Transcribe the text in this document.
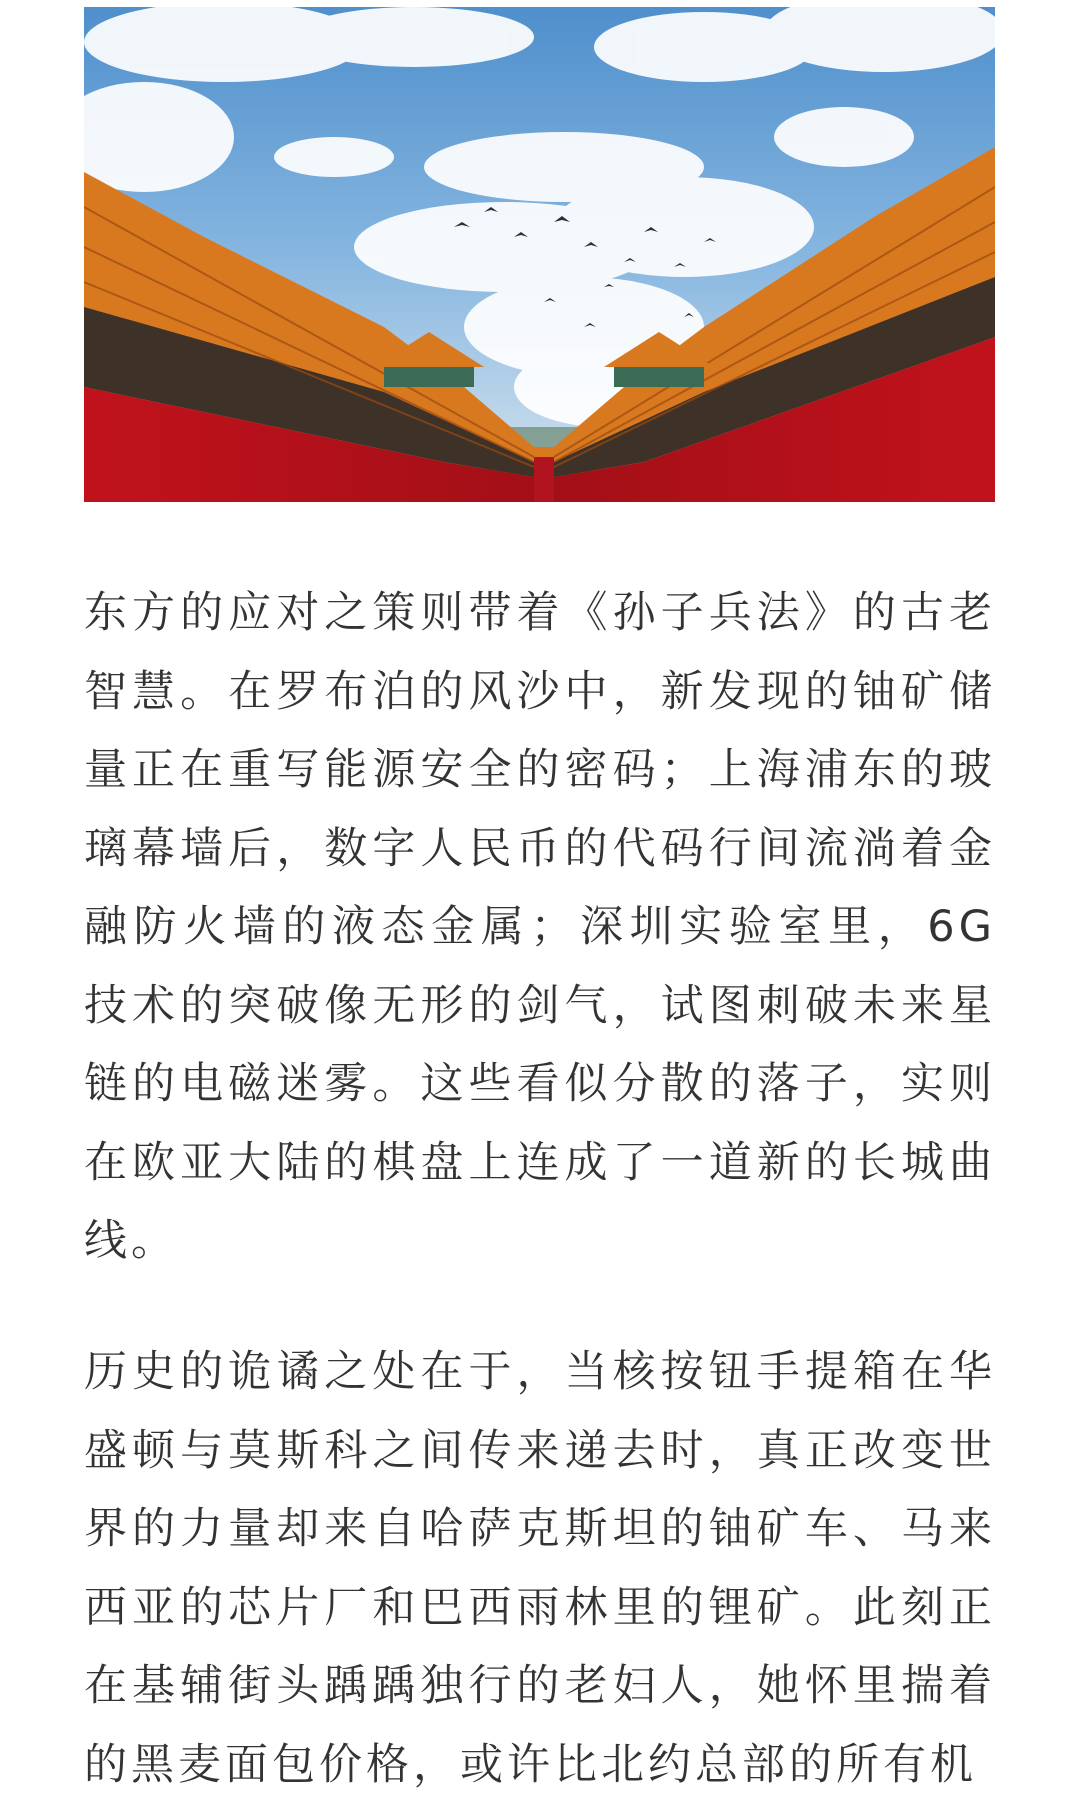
东方的应对之策则带着《孙子兵法》的古老智慧。在罗布泊的风沙中，新发现的铀矿储量正在重写能源安全的密码；上海浦东的玻璃幕墙后，数字人民币的代码行间流淌着金融防火墙的液态金属；深圳实验室里，6G技术的突破像无形的剑气，试图刺破未来星链的电磁迷雾。这些看似分散的落子，实则在欧亚大陆的棋盘上连成了一道新的长城曲线。

历史的诡谲之处在于，当核按钮手提箱在华盛顿与莫斯科之间传来递去时，真正改变世界的力量却来自哈萨克斯坦的铀矿车、马来西亚的芯片厂和巴西雨林里的锂矿。此刻正在基辅街头踽踽独行的老妇人，她怀里揣着的黑麦面包价格，或许比北约总部的所有机
